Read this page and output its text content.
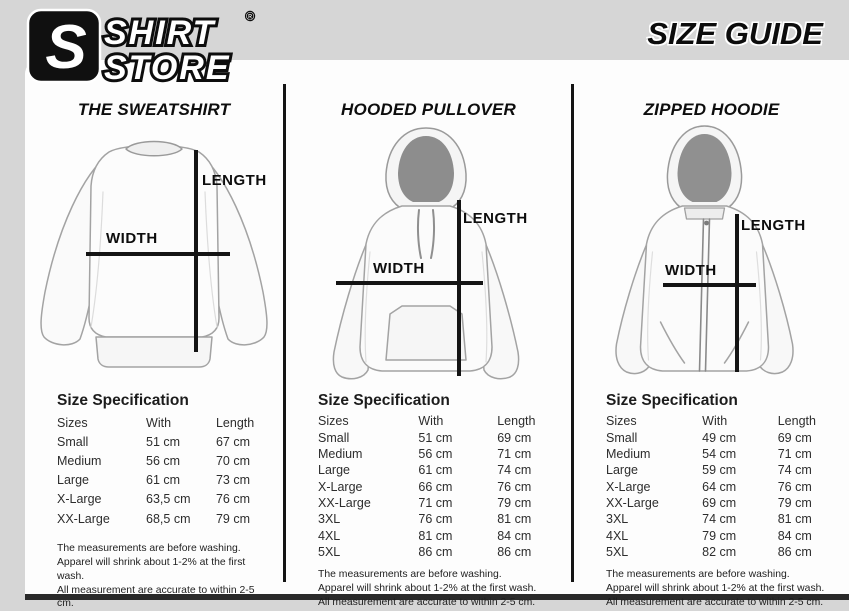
S SHIRT
STORE
®	SIZE GUIDE
THE SWEATSHIRT
LENGTH
WIDTH
Size Specification
Sizes	With	Length
Small	51 cm	67 cm
Medium	56 cm	70 cm
Large	61 cm	73 cm
X-Large	63,5 cm	76 cm
XX-Large	68,5 cm	79 cm
The measurements are before washing.
Apparel will shrink about 1-2% at the first wash.
All measurement are accurate to within 2-5 cm.
HOODED PULLOVER
LENGTH
WIDTH
Size Specification
Sizes	With	Length
Small	51 cm	69 cm
Medium	56 cm	71 cm
Large	61 cm	74 cm
X-Large	66 cm	76 cm
XX-Large	71 cm	79 cm
3XL	76 cm	81 cm
4XL	81 cm	84 cm
5XL	86 cm	86 cm
The measurements are before washing.
Apparel will shrink about 1-2% at the first wash.
All measurement are accurate to within 2-5 cm.
ZIPPED HOODIE
LENGTH
WIDTH
Size Specification
Sizes	With	Length
Small	49 cm	69 cm
Medium	54 cm	71 cm
Large	59 cm	74 cm
X-Large	64 cm	76 cm
XX-Large	69 cm	79 cm
3XL	74 cm	81 cm
4XL	79 cm	84 cm
5XL	82 cm	86 cm
The measurements are before washing.
Apparel will shrink about 1-2% at the first wash.
All measurement are accurate to within 2-5 cm.
